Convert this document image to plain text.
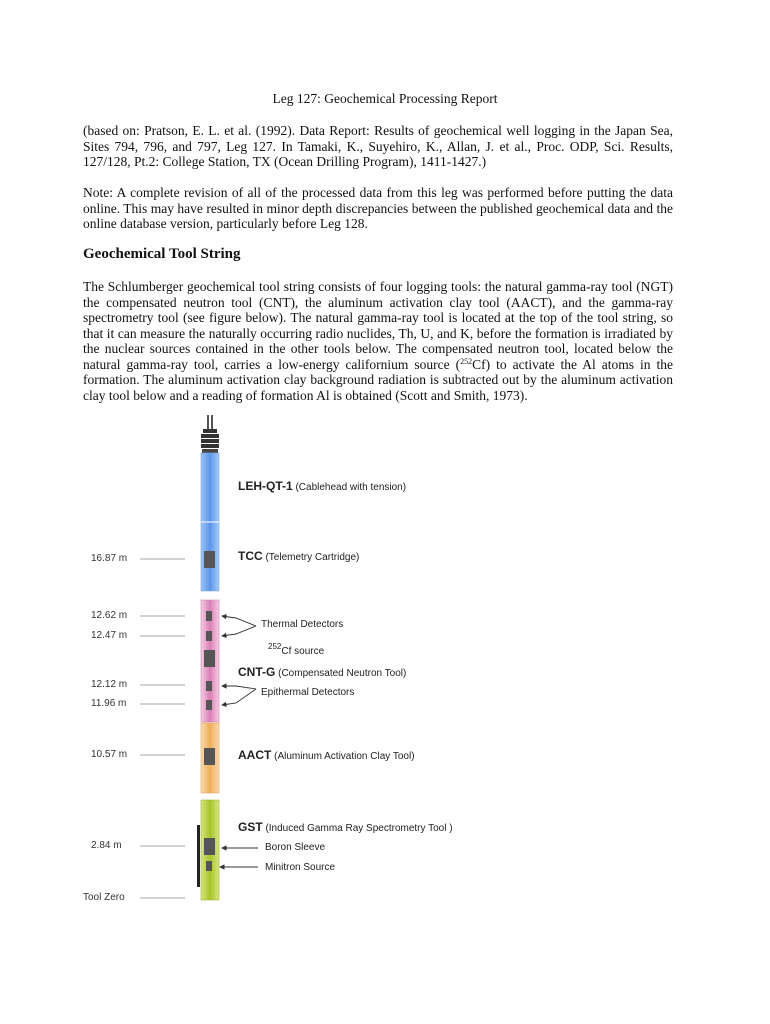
Leg 127: Geochemical Processing Report

(based on: Pratson, E. L. et al. (1992). Data Report: Results of geochemical well logging in the Japan Sea, Sites 794, 796, and 797, Leg 127. In Tamaki, K., Suyehiro, K., Allan, J. et al., Proc. ODP, Sci. Results, 127/128, Pt.2: College Station, TX (Ocean Drilling Program), 1411-1427.)

Note: A complete revision of all of the processed data from this leg was performed before putting the data online. This may have resulted in minor depth discrepancies between the published geochemical data and the online database version, particularly before Leg 128.

Geochemical Tool String

The Schlumberger geochemical tool string consists of four logging tools: the natural gamma-ray tool (NGT) the compensated neutron tool (CNT), the aluminum activation clay tool (AACT), and the gamma-ray spectrometry tool (see figure below). The natural gamma-ray tool is located at the top of the tool string, so that it can measure the naturally occurring radio nuclides, Th, U, and K, before the formation is irradiated by the nuclear sources contained in the other tools below. The compensated neutron tool, located below the natural gamma-ray tool, carries a low-energy californium source ($^{252}$Cf) to activate the Al atoms in the formation. The aluminum activation clay background radiation is subtracted out by the aluminum activation clay tool below and a reading of formation Al is obtained (Scott and Smith, 1973).

16.87 m
12.62 m
12.47 m
12.12 m
11.96 m
10.57 m
2.84 m
Tool Zero
LEH-QT-1 (Cablehead with tension)
TCC (Telemetry Cartridge)
CNT-G (Compensated Neutron Tool)
AACT (Aluminum Activation Clay Tool)
GST (Induced Gamma Ray Spectrometry Tool )
Thermal Detectors
$^{252}$Cf source
Epithermal Detectors
Boron Sleeve
Minitron Source
